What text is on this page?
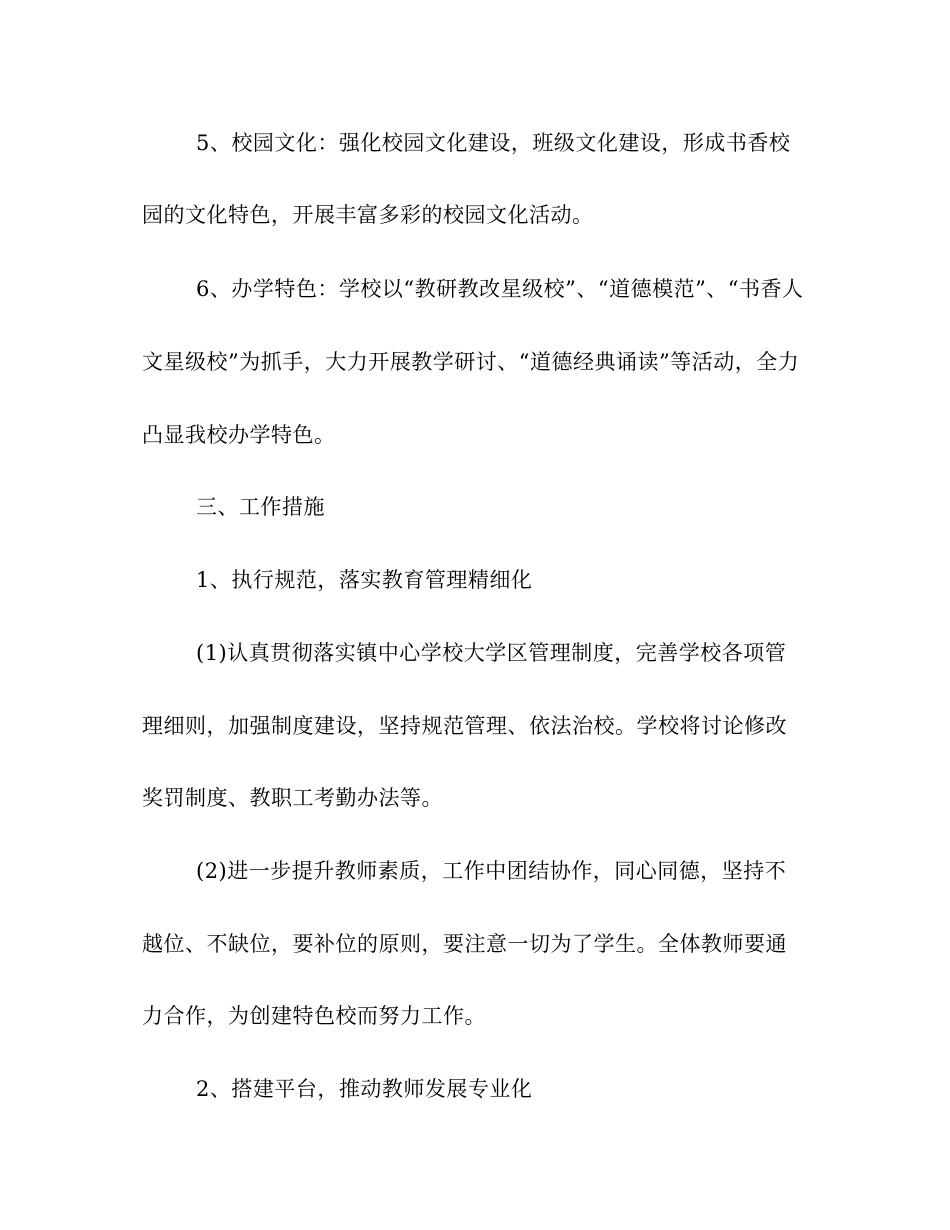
5、校园文化：强化校园文化建设，班级文化建设，形成书香校
园的文化特色，开展丰富多彩的校园文化活动。
6、办学特色：学校以“教研教改星级校”、“道德模范”、“书香人
文星级校”为抓手，大力开展教学研讨、“道德经典诵读”等活动，全力
凸显我校办学特色。
三、工作措施
1、执行规范，落实教育管理精细化
(1)认真贯彻落实镇中心学校大学区管理制度，完善学校各项管
理细则，加强制度建设，坚持规范管理、依法治校。学校将讨论修改
奖罚制度、教职工考勤办法等。
(2)进一步提升教师素质，工作中团结协作，同心同德，坚持不
越位、不缺位，要补位的原则，要注意一切为了学生。全体教师要通
力合作，为创建特色校而努力工作。
2、搭建平台，推动教师发展专业化
